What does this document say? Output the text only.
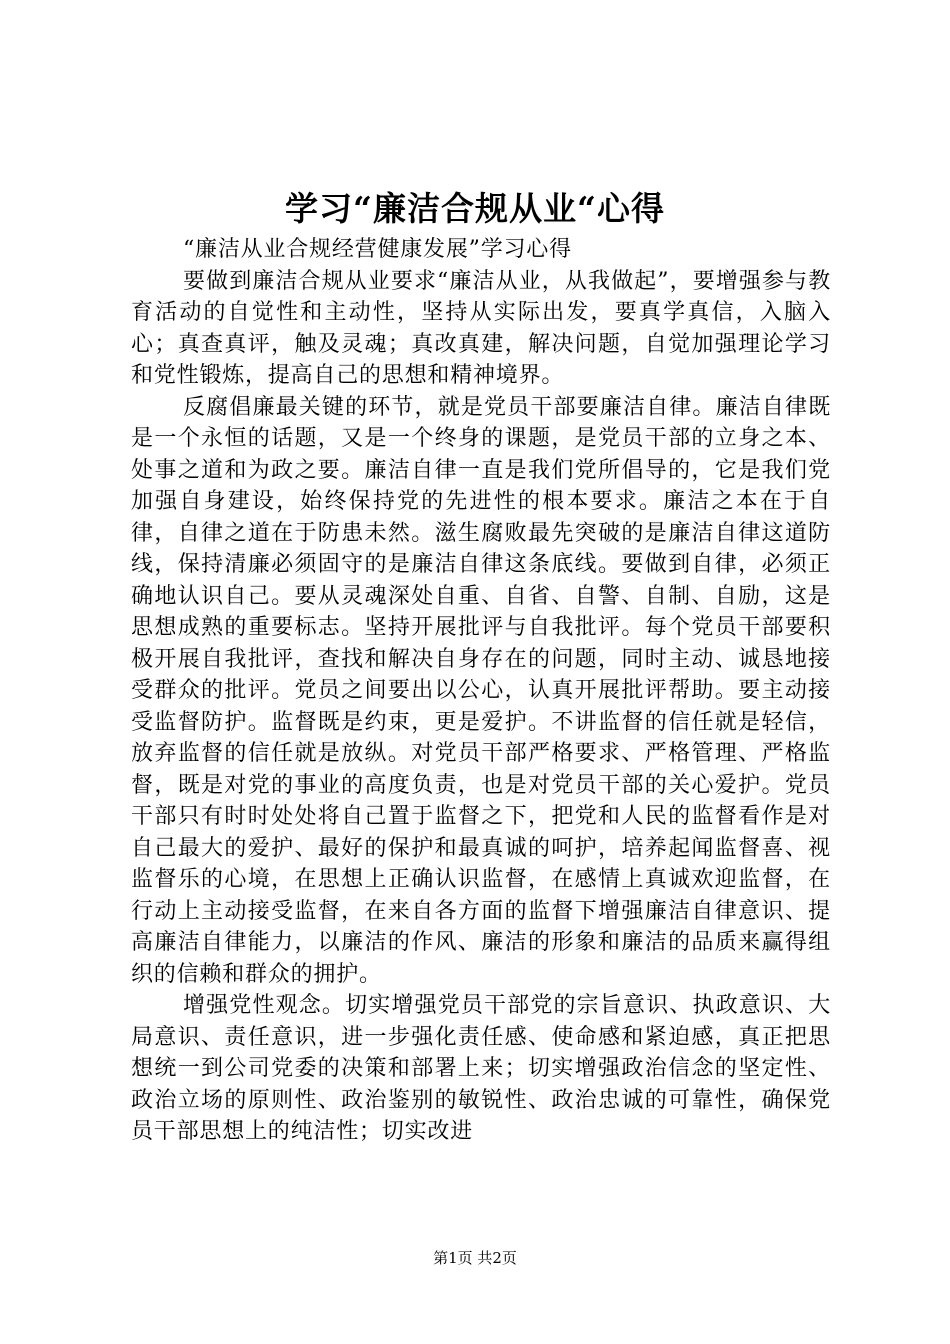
学习“廉洁合规从业“心得

“廉洁从业合规经营健康发展”学习心得

要做到廉洁合规从业要求“廉洁从业，从我做起”，要增强参与教育活动的自觉性和主动性，坚持从实际出发，要真学真信，入脑入心；真查真评，触及灵魂；真改真建，解决问题，自觉加强理论学习和党性锻炼，提高自己的思想和精神境界。

反腐倡廉最关键的环节，就是党员干部要廉洁自律。廉洁自律既是一个永恒的话题，又是一个终身的课题，是党员干部的立身之本、处事之道和为政之要。廉洁自律一直是我们党所倡导的，它是我们党加强自身建设，始终保持党的先进性的根本要求。廉洁之本在于自律，自律之道在于防患未然。滋生腐败最先突破的是廉洁自律这道防线，保持清廉必须固守的是廉洁自律这条底线。要做到自律，必须正确地认识自己。要从灵魂深处自重、自省、自警、自制、自励，这是思想成熟的重要标志。坚持开展批评与自我批评。每个党员干部要积极开展自我批评，查找和解决自身存在的问题，同时主动、诚恳地接受群众的批评。党员之间要出以公心，认真开展批评帮助。要主动接受监督防护。监督既是约束，更是爱护。不讲监督的信任就是轻信，放弃监督的信任就是放纵。对党员干部严格要求、严格管理、严格监督，既是对党的事业的高度负责，也是对党员干部的关心爱护。党员干部只有时时处处将自己置于监督之下，把党和人民的监督看作是对自己最大的爱护、最好的保护和最真诚的呵护，培养起闻监督喜、视监督乐的心境，在思想上正确认识监督，在感情上真诚欢迎监督，在行动上主动接受监督，在来自各方面的监督下增强廉洁自律意识、提高廉洁自律能力，以廉洁的作风、廉洁的形象和廉洁的品质来赢得组织的信赖和群众的拥护。

增强党性观念。切实增强党员干部党的宗旨意识、执政意识、大局意识、责任意识，进一步强化责任感、使命感和紧迫感，真正把思想统一到公司党委的决策和部署上来；切实增强政治信念的坚定性、政治立场的原则性、政治鉴别的敏锐性、政治忠诚的可靠性，确保党员干部思想上的纯洁性；切实改进

第1页 共2页
